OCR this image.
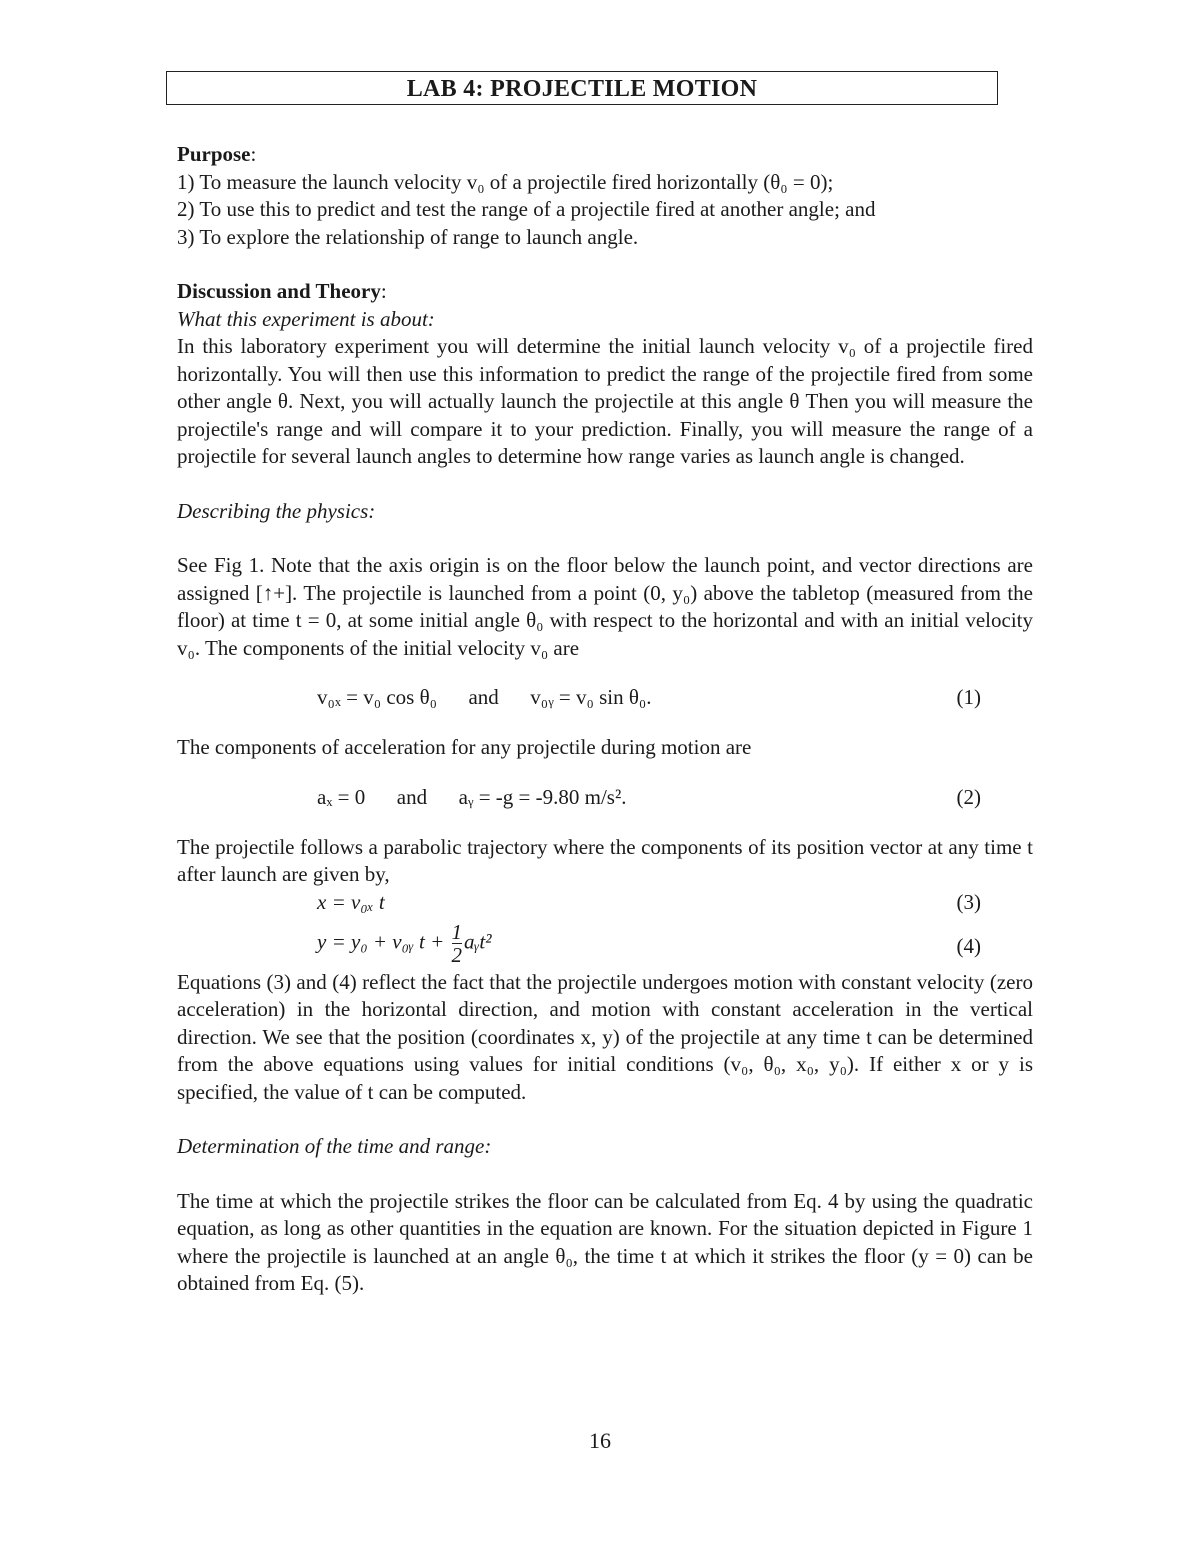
LAB 4: PROJECTILE MOTION
Purpose:
1) To measure the launch velocity v₀ of a projectile fired horizontally (θ₀ = 0);
2) To use this to predict and test the range of a projectile fired at another angle; and
3) To explore the relationship of range to launch angle.
Discussion and Theory:
What this experiment is about:
In this laboratory experiment you will determine the initial launch velocity v₀ of a projectile fired horizontally. You will then use this information to predict the range of the projectile fired from some other angle θ. Next, you will actually launch the projectile at this angle θ Then you will measure the projectile's range and will compare it to your prediction. Finally, you will measure the range of a projectile for several launch angles to determine how range varies as launch angle is changed.
Describing the physics:
See Fig 1. Note that the axis origin is on the floor below the launch point, and vector directions are assigned [↑+]. The projectile is launched from a point (0, y₀) above the tabletop (measured from the floor) at time t = 0, at some initial angle θ₀ with respect to the horizontal and with an initial velocity v₀. The components of the initial velocity v₀ are
v₀ₓ = v₀ cos θ₀      and      v₀ᵧ = v₀ sin θ₀.	(1)
The components of acceleration for any projectile during motion are
aₓ = 0      and      aᵧ = -g = -9.80 m/s².	(2)
The projectile follows a parabolic trajectory where the components of its position vector at any time t after launch are given by,
x = v₀ₓ t	(3)
y = y₀ + v₀ᵧ $t + \frac{1}{2}$ aᵧt²	(4)
Equations (3) and (4) reflect the fact that the projectile undergoes motion with constant velocity (zero acceleration) in the horizontal direction, and motion with constant acceleration in the vertical direction. We see that the position (coordinates x, y) of the projectile at any time t can be determined from the above equations using values for initial conditions (v₀, θ₀, x₀, y₀). If either x or y is specified, the value of t can be computed.
Determination of the time and range:
The time at which the projectile strikes the floor can be calculated from Eq. 4 by using the quadratic equation, as long as other quantities in the equation are known. For the situation depicted in Figure 1 where the projectile is launched at an angle θ₀, the time t at which it strikes the floor (y = 0) can be obtained from Eq. (5).
16
